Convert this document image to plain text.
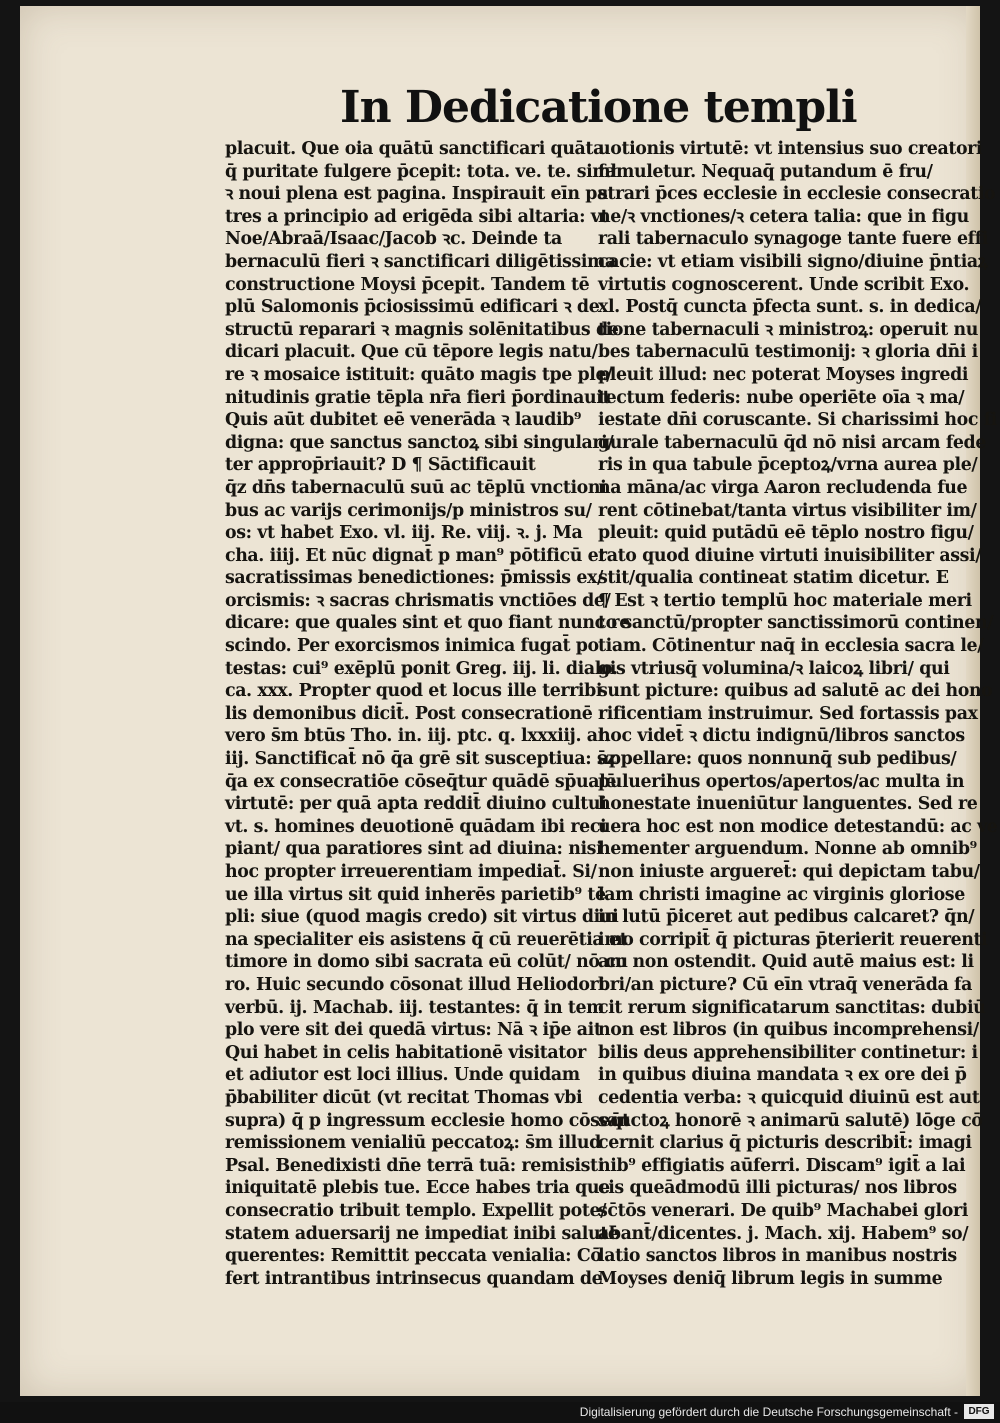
In Dedicatione templi
placuit. Que oia quātū sanctificari quāta
q̄ puritate fulgere p̄cepit: tota. ve. te. simł
ꝛ noui plena est pagina. Inspirauit eīn pa
tres a principio ad erigēda sibi altaria: vt
Noe/Abraā/Isaac/Jacob ꝛc. Deinde ta
bernaculū fieri ꝛ sanctificari diligētissima
constructione Moysi p̄cepit. Tandem tē
plū Salomonis p̄ciosissimū edificari ꝛ de
structū reparari ꝛ magnis solēnitatibus de
dicari placuit. Que cū tēpore legis natu/
re ꝛ mosaice istituit: quāto magis tpe ple/
nitudinis gratie tēpla nr̄a fieri p̄ordinauit
Quis aūt dubitet eē venerāda ꝛ laudib⁹
digna: que sanctus sanctoꝝ sibi singulari/
ter approp̄riauit? D ¶ Sāctificauit
q̄z dn̄s tabernaculū suū ac tēplū vnctioni
bus ac varijs cerimonijs/p ministros su/
os: vt habet Exo. vl. iij. Re. viij. ꝛ. j. Ma
cha. iiij. Et nūc dignat̄ p man⁹ pōtificū et
sacratissimas benedictiones: p̄missis ex/
orcismis: ꝛ sacras chrismatis vnctiōes de/
dicare: que quales sint et quo fiant nunc re
scindo. Per exorcismos inimica fugat̄ po
testas: cui⁹ exēplū ponit Greg. iij. li. dialo.
ca. xxx. Propter quod et locus ille terribi
lis demonibus dicit̄. Post consecrationē
vero s̄m btūs Tho. in. iij. ptc. q. lxxxiij. ar.
iij. Sanctificat̄ nō q̄a grē sit susceptiua: s̄z
q̄a ex consecratiōe cōseq̄tur quādē sp̄ualē
virtutē: per quā apta reddit̄ diuino cultui
vt. s. homines deuotionē quādam ibi reci
piant/ qua paratiores sint ad diuina: nisi
hoc propter irreuerentiam impediat̄. Si/
ue illa virtus sit quid inherēs parietib⁹ tē
pli: siue (quod magis credo) sit virtus diui
na specialiter eis asistens q̄ cū reuerētia et
timore in domo sibi sacrata eū colūt/ nō cu
ro. Huic secundo cōsonat illud Heliodori
verbū. ij. Machab. iij. testantes: q̄ in tem
plo vere sit dei quedā virtus: Nā ꝛ ip̄e ait
Qui habet in celis habitationē visitator
et adiutor est loci illius. Unde quidam
p̄babiliter dicūt (vt recitat Thomas vbi
supra) q̄ p ingressum ecclesie homo cōseq̄t
remissionem venialiū peccatoꝝ: s̄m illud
Psal. Benedixisti dn̄e terrā tuā: remisisti
iniquitatē plebis tue. Ecce habes tria que
consecratio tribuit templo. Expellit pote/
statem aduersarij ne impediat inibi salutē
querentes: Remittit peccata venialia: Cō
fert intrantibus intrinsecus quandam de
uotionis virtutē: vt intensius suo creatori
famuletur. Nequaq̄ putandum ē fru/
strari p̄ces ecclesie in ecclesie consecratio
ne/ꝛ vnctiones/ꝛ cetera talia: que in figu
rali tabernaculo synagoge tante fuere effi
cacie: vt etiam visibili signo/diuine p̄ntiaꝝ
virtutis cognoscerent. Unde scribit Exo.
xl. Postq̄ cuncta p̄fecta sunt. s. in dedica/
tione tabernaculi ꝛ ministroꝝ: operuit nu
bes tabernaculū testimonij: ꝛ gloria dn̄i i
pleuit illud: nec poterat Moyses ingredi
tectum federis: nube operiēte oīa ꝛ ma/
iestate dn̄i coruscante. Si charissimi hoc fi
gurale tabernaculū q̄d nō nisi arcam fede
ris in qua tabule p̄ceptoꝝ/vrna aurea ple/
na māna/ac virga Aaron recludenda fue
rent cōtinebat/tanta virtus visibiliter im/
pleuit: quid putādū eē tēplo nostro figu/
rato quod diuine virtuti inuisibiliter assi/
stit/qualia contineat statim dicetur. E
¶ Est ꝛ tertio templū hoc materiale meri
to sanctū/propter sanctissimorū continen/
tiam. Cōtinentur naq̄ in ecclesia sacra le/
gis vtriusq̄ volumina/ꝛ laicoꝝ libri/ qui
sunt picture: quibus ad salutē ac dei hono
rificentiam instruimur. Sed fortassis pax
hoc videt̄ ꝛ dictu indignū/libros sanctos
appellare: quos nonnunq̄ sub pedibus/
puluerihus opertos/apertos/ac multa in
honestate inueniūtur languentes. Sed re
uera hoc est non modice detestandū: ac ve
hementer arguendum. Nonne ab omnib⁹
non iniuste argueret̄: qui depictam tabu/
lam christi imagine ac virginis gloriose
in lutū p̄iceret aut pedibus calcaret? q̄n/
imo corripit̄ q̄ picturas p̄terierit reuerenti
am non ostendit. Quid autē maius est: li
bri/an picture? Cū eīn vtraq̄ venerāda fa
cit rerum significatarum sanctitas: dubiū
non est libros (in quibus incomprehensi/
bilis deus apprehensibiliter continetur: i
in quibus diuina mandata ꝛ ex ore dei p̄
cedentia verba: ꝛ quicquid diuinū est aut
sanctoꝝ honorē ꝛ animarū salutē) lōge cō
cernit clarius q̄ picturis describit̄: imagi
nib⁹ effigiatis aūferri. Discam⁹ igit̄ a lai
cis queādmodū illi picturas/ nos libros
sc̄tōs venerari. De quib⁹ Machabei glori
abant̄/dicentes. j. Mach. xij. Habem⁹ so/
latio sanctos libros in manibus nostris
Moyses deniq̄ librum legis in summe
Digitalisierung gefördert durch die Deutsche Forschungsgemeinschaft -	DFG
